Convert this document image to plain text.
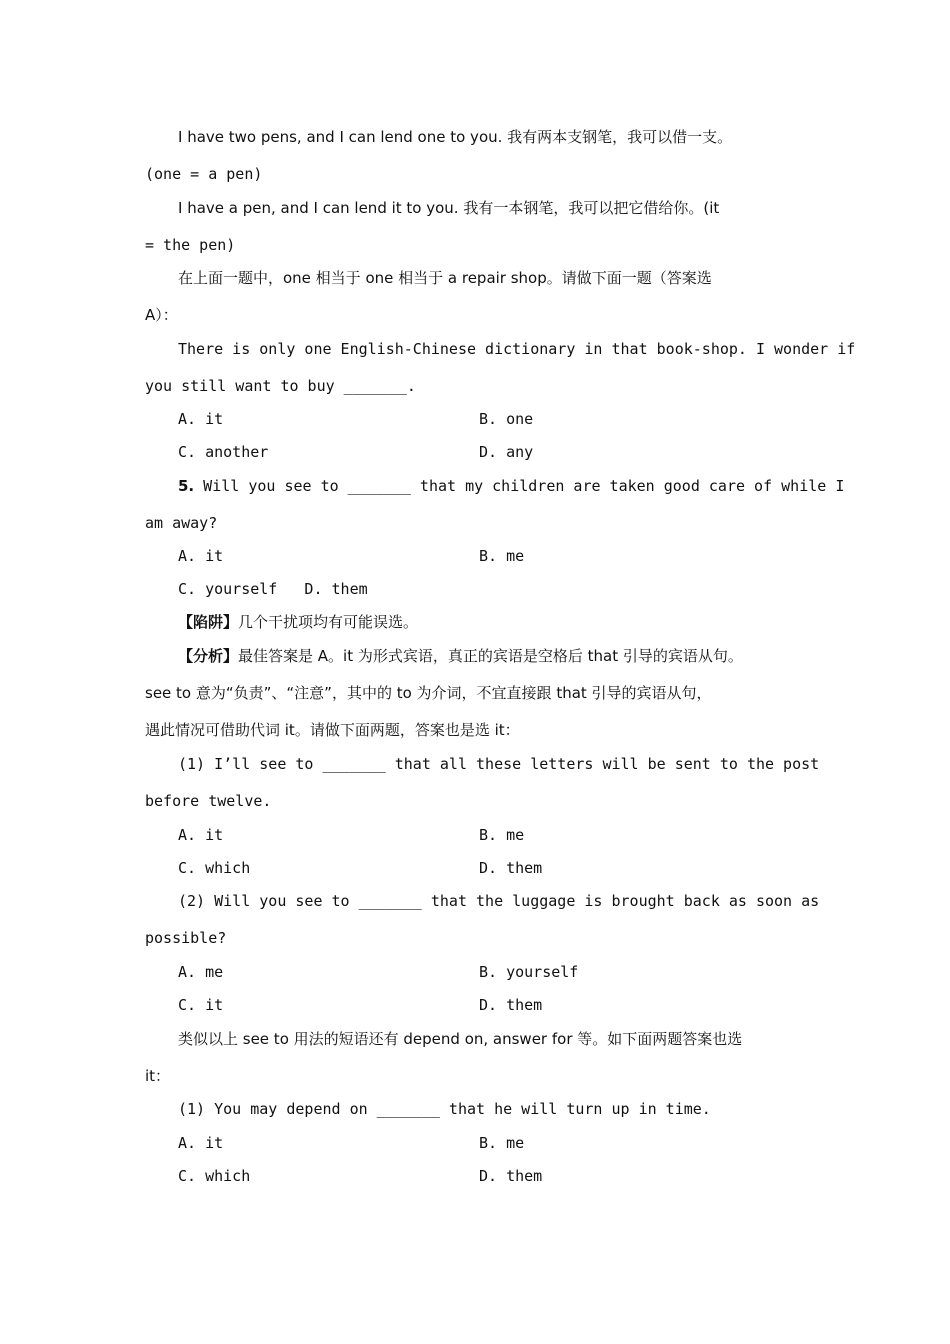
I have two pens, and I can lend one to you. 我有两本支钢笔，我可以借一支。
(one = a pen)
I have a pen, and I can lend it to you. 我有一本钢笔，我可以把它借给你。(it
= the pen)
在上面一题中，one 相当于 one 相当于 a repair shop。请做下面一题（答案选
A）：
There is only one English-Chinese dictionary in that book-shop. I wonder if
you still want to buy _______.
A. it	B. one
C. another	D. any
5. Will you see to _______ that my children are taken good care of while I
am away?
A. it	B. me
C. yourself   D. them
【陷阱】几个干扰项均有可能误选。
【分析】最佳答案是 A。it 为形式宾语，真正的宾语是空格后 that 引导的宾语从句。
see to 意为“负责”、“注意”，其中的 to 为介词，不宜直接跟 that 引导的宾语从句，
遇此情况可借助代词 it。请做下面两题，答案也是选 it：
(1) I’ll see to _______ that all these letters will be sent to the post
before twelve.
A. it	B. me
C. which	D. them
(2) Will you see to _______ that the luggage is brought back as soon as
possible?
A. me	B. yourself
C. it	D. them
类似以上 see to 用法的短语还有 depend on, answer for 等。如下面两题答案也选
it：
(1) You may depend on _______ that he will turn up in time.
A. it	B. me
C. which	D. them
